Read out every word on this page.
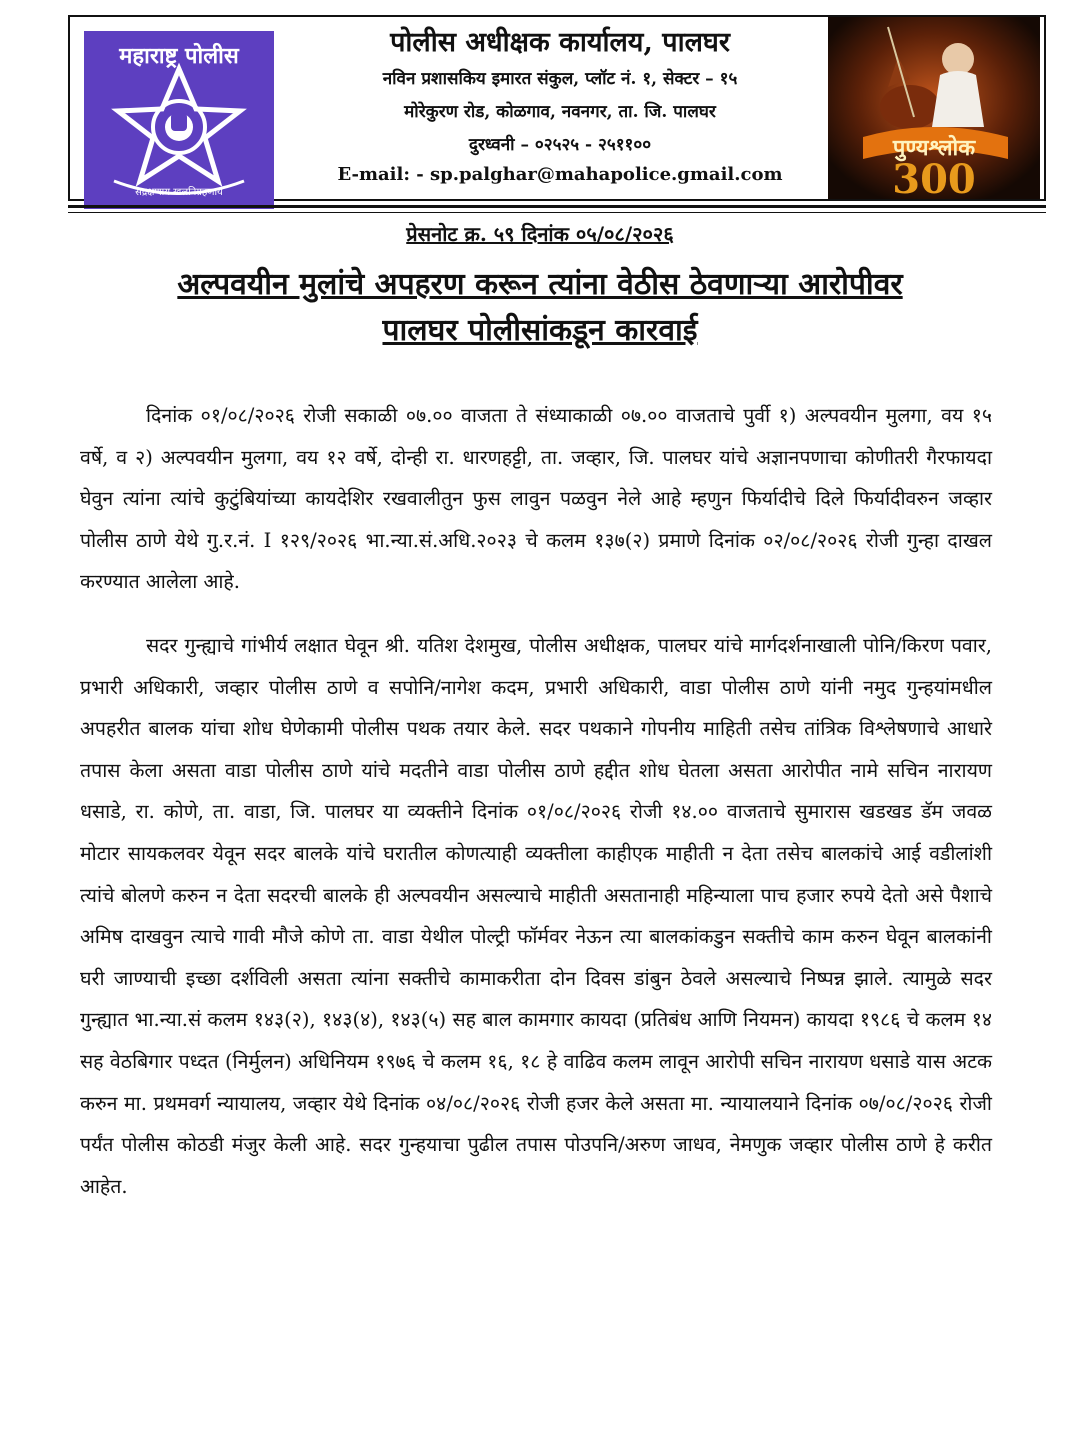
महाराष्ट्र पोलीस
सद्रक्षणाय खलनिग्रहणाय
पोलीस अधीक्षक कार्यालय, पालघर
नविन प्रशासकिय इमारत संकुल, प्लॉट नं. १, सेक्टर – १५
मोरेकुरण रोड, कोळगाव, नवनगर, ता. जि. पालघर
दुरध्वनी – ०२५२५ - २५११००
E-mail: - sp.palghar@mahapolice.gmail.com
पुण्यश्लोक
300
प्रेसनोट क्र. ५९ दिनांक ०५/०८/२०२६
अल्पवयीन मुलांचे अपहरण करून त्यांना वेठीस ठेवणाऱ्या आरोपीवर
पालघर पोलीसांकडून कारवाई

दिनांक ०१/०८/२०२६ रोजी सकाळी ०७.०० वाजता ते संध्याकाळी ०७.०० वाजताचे पुर्वी १) अल्पवयीन मुलगा, वय १५ वर्षे, व २) अल्पवयीन मुलगा, वय १२ वर्षे, दोन्ही रा. धारणहट्टी, ता. जव्हार, जि. पालघर यांचे अज्ञानपणाचा कोणीतरी गैरफायदा घेवुन त्यांना त्यांचे कुटुंबियांच्या कायदेशिर रखवालीतुन फुस लावुन पळवुन नेले आहे म्हणुन फिर्यादीचे दिले फिर्यादीवरुन जव्हार पोलीस ठाणे येथे गु.र.नं. I १२९/२०२६ भा.न्या.सं.अधि.२०२३ चे कलम १३७(२) प्रमाणे दिनांक ०२/०८/२०२६ रोजी गुन्हा दाखल करण्यात आलेला आहे.

सदर गुन्ह्याचे गांभीर्य लक्षात घेवून श्री. यतिश देशमुख, पोलीस अधीक्षक, पालघर यांचे मार्गदर्शनाखाली पोनि/किरण पवार, प्रभारी अधिकारी, जव्हार पोलीस ठाणे व सपोनि/नागेश कदम, प्रभारी अधिकारी, वाडा पोलीस ठाणे यांनी नमुद गुन्हयांमधील अपहरीत बालक यांचा शोध घेणेकामी पोलीस पथक तयार केले. सदर पथकाने गोपनीय माहिती तसेच तांत्रिक विश्लेषणाचे आधारे तपास केला असता वाडा पोलीस ठाणे यांचे मदतीने वाडा पोलीस ठाणे हद्दीत शोध घेतला असता आरोपीत नामे सचिन नारायण धसाडे, रा. कोणे, ता. वाडा, जि. पालघर या व्यक्तीने दिनांक ०१/०८/२०२६ रोजी १४.०० वाजताचे सुमारास खडखड डॅम जवळ मोटार सायकलवर येवून सदर बालके यांचे घरातील कोणत्याही व्यक्तीला काहीएक माहीती न देता तसेच बालकांचे आई वडीलांशी त्यांचे बोलणे करुन न देता सदरची बालके ही अल्पवयीन असल्याचे माहीती असतानाही महिन्याला पाच हजार रुपये देतो असे पैशाचे अमिष दाखवुन त्याचे गावी मौजे कोणे ता. वाडा येथील पोल्ट्री फॉर्मवर नेऊन त्या बालकांकडुन सक्तीचे काम करुन घेवून बालकांनी घरी जाण्याची इच्छा दर्शविली असता त्यांना सक्तीचे कामाकरीता दोन दिवस डांबुन ठेवले असल्याचे निष्पन्न झाले. त्यामुळे सदर गुन्ह्यात भा.न्या.सं कलम १४३(२), १४३(४), १४३(५) सह बाल कामगार कायदा (प्रतिबंध आणि नियमन) कायदा १९८६ चे कलम १४ सह वेठबिगार पध्दत (निर्मुलन) अधिनियम १९७६ चे कलम १६, १८ हे वाढिव कलम लावून आरोपी सचिन नारायण धसाडे यास अटक करुन मा. प्रथमवर्ग न्यायालय, जव्हार येथे दिनांक ०४/०८/२०२६ रोजी हजर केले असता मा. न्यायालयाने दिनांक ०७/०८/२०२६ रोजी पर्यंत पोलीस कोठडी मंजुर केली आहे. सदर गुन्हयाचा पुढील तपास पोउपनि/अरुण जाधव, नेमणुक जव्हार पोलीस ठाणे हे करीत आहेत.
